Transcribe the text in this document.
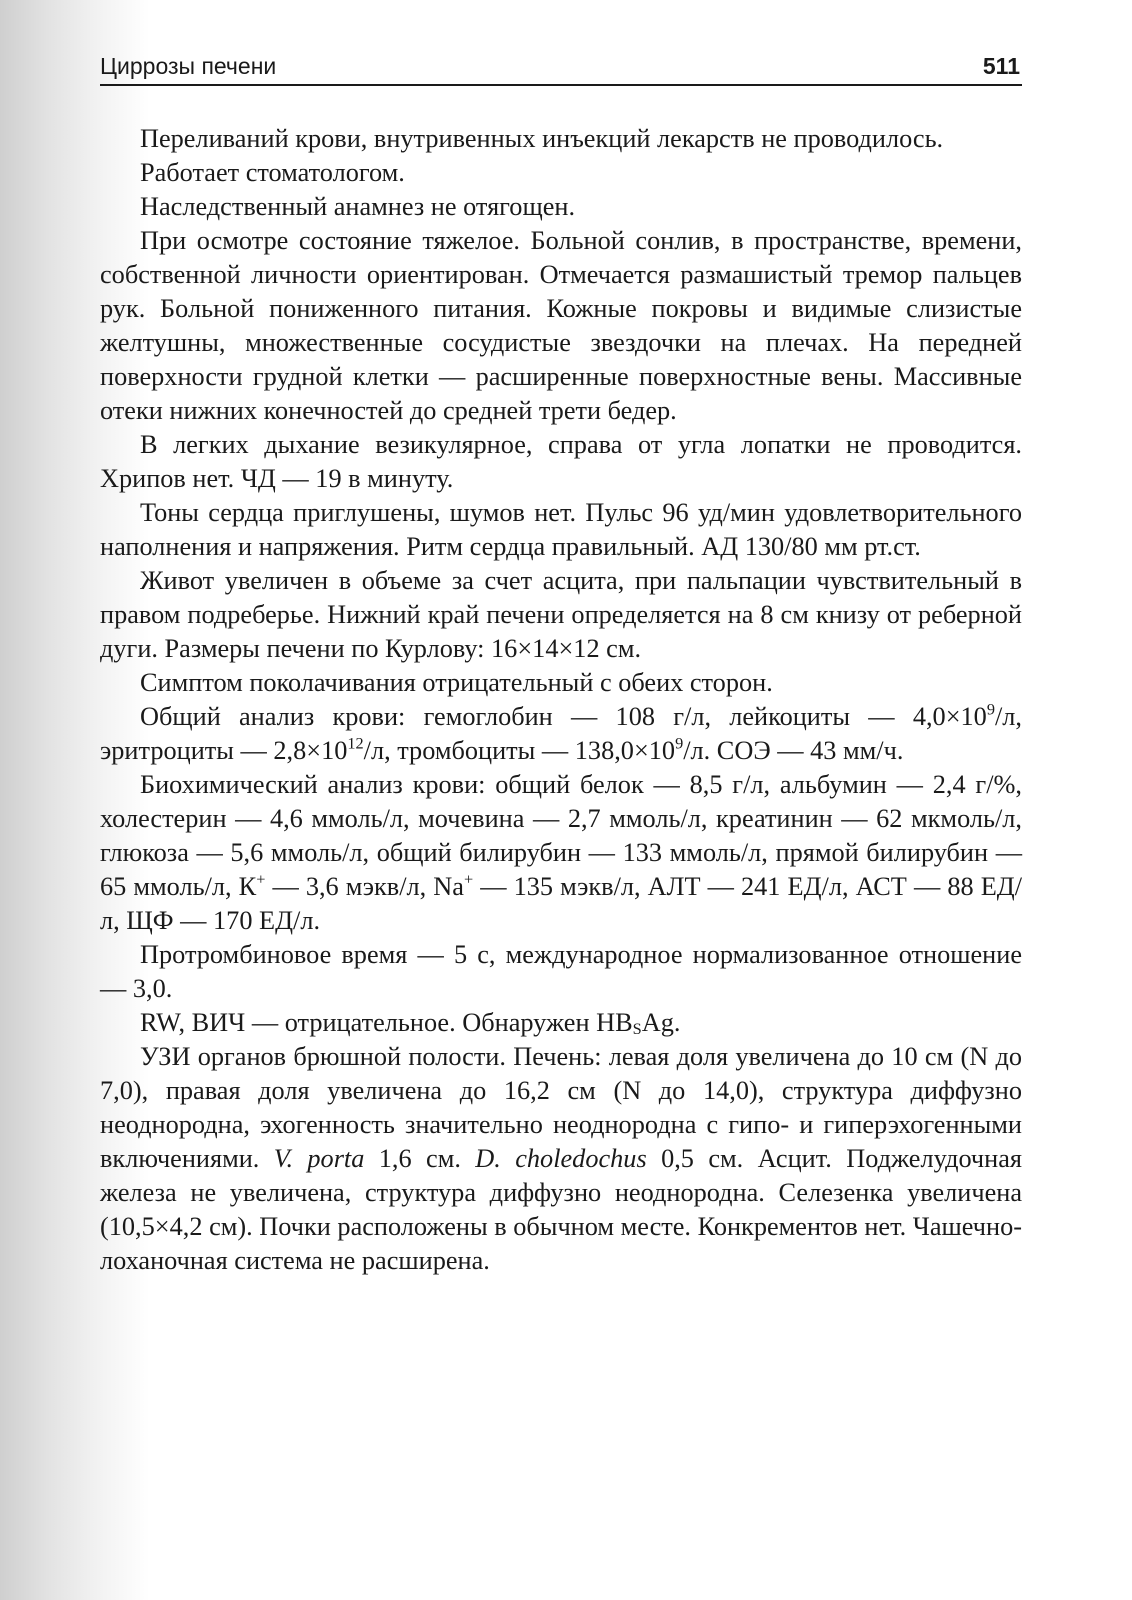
Циррозы печени	511

Переливаний крови, внутривенных инъекций лекарств не проводилось.

Работает стоматологом.

Наследственный анамнез не отягощен.

При осмотре состояние тяжелое. Больной сонлив, в пространстве, времени, собственной личности ориентирован. Отмечается размашистый тремор пальцев рук. Больной пониженного питания. Кожные покровы и видимые слизистые желтушны, множественные сосудистые звездочки на плечах. На передней поверхности грудной клетки — расширенные поверхностные вены. Массивные отеки нижних конечностей до средней трети бедер.

В легких дыхание везикулярное, справа от угла лопатки не проводится. Хрипов нет. ЧД — 19 в минуту.

Тоны сердца приглушены, шумов нет. Пульс 96 уд/мин удовлетворительного наполнения и напряжения. Ритм сердца правильный. АД 130/80 мм рт.ст.

Живот увеличен в объеме за счет асцита, при пальпации чувствительный в правом подреберье. Нижний край печени определяется на 8 см книзу от реберной дуги. Размеры печени по Курлову: 16×14×12 см.

Симптом поколачивания отрицательный с обеих сторон.

Общий анализ крови: гемоглобин — 108 г/л, лейкоциты — $4,0\times 10^9/л$, эритроциты — $2,8\times 10^{12}/л$, тромбоциты — $138,0\times 10^9/л$. СОЭ — 43 мм/ч.

Биохимический анализ крови: общий белок — 8,5 г/л, альбумин — 2,4 г/%, холестерин — 4,6 ммоль/л, мочевина — 2,7 ммоль/л, креатинин — 62 мкмоль/л, глюкоза — 5,6 ммоль/л, общий билирубин — 133 ммоль/л, прямой билирубин — 65 ммоль/л, К+ — 3,6 мэкв/л, Na+ — 135 мэкв/л, АЛТ — 241 ЕД/л, АСТ — 88 ЕД/л, ЩФ — 170 ЕД/л.

Протромбиновое время — 5 с, международное нормализованное отношение — 3,0.

RW, ВИЧ — отрицательное. Обнаружен $HB_SAg$.

УЗИ органов брюшной полости. Печень: левая доля увеличена до 10 см (N до 7,0), правая доля увеличена до 16,2 см (N до 14,0), структура диффузно неоднородна, эхогенность значительно неоднородна с гипо- и гиперэхогенными включениями. V. porta 1,6 см. D. choledochus 0,5 см. Асцит. Поджелудочная железа не увеличена, структура диффузно неоднородна. Селезенка увеличена (10,5×4,2 см). Почки расположены в обычном месте. Конкрементов нет. Чашечно-лоханочная система не расширена.
